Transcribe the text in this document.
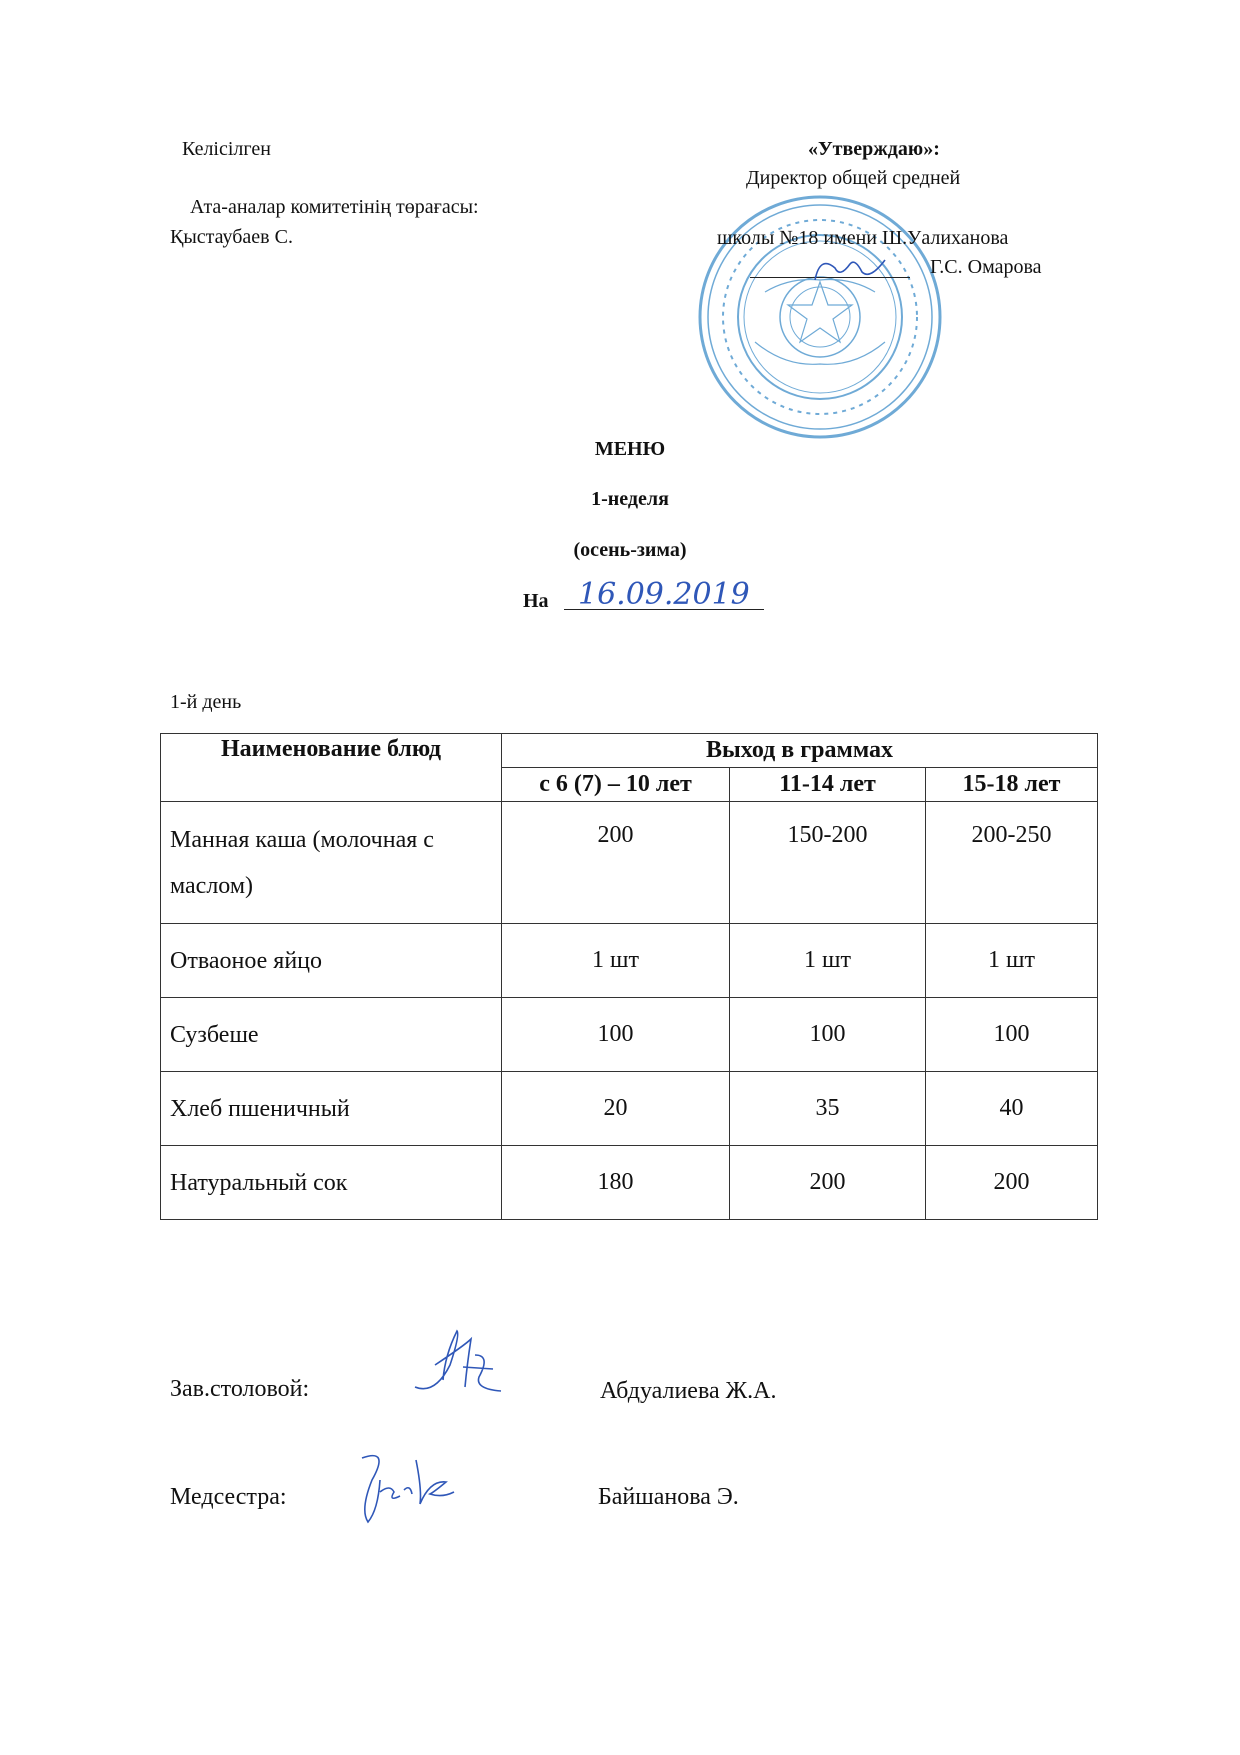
Келісілген
Ата-аналар комитетінің төрағасы:
Қыстаубаев С.
«Утверждаю»:
Директор общей средней
школы №18 имени Ш.Уалиханова
Г.С. Омарова
МЕНЮ
1-неделя
(осень-зима)
На 16.09.2019
1-й день
Наименование блюд	Выход в граммах		
	с 6 (7) – 10 лет	11-14 лет	15-18 лет
Манная каша (молочная с маслом)	200	150-200	200-250
Отваоное яйцо	1 шт	1 шт	1 шт
Сузбеше	100	100	100
Хлеб пшеничный	20	35	40
Натуральный сок	180	200	200
Зав.столовой:	Абдуалиева Ж.А.
Медсестра:	Байшанова Э.
